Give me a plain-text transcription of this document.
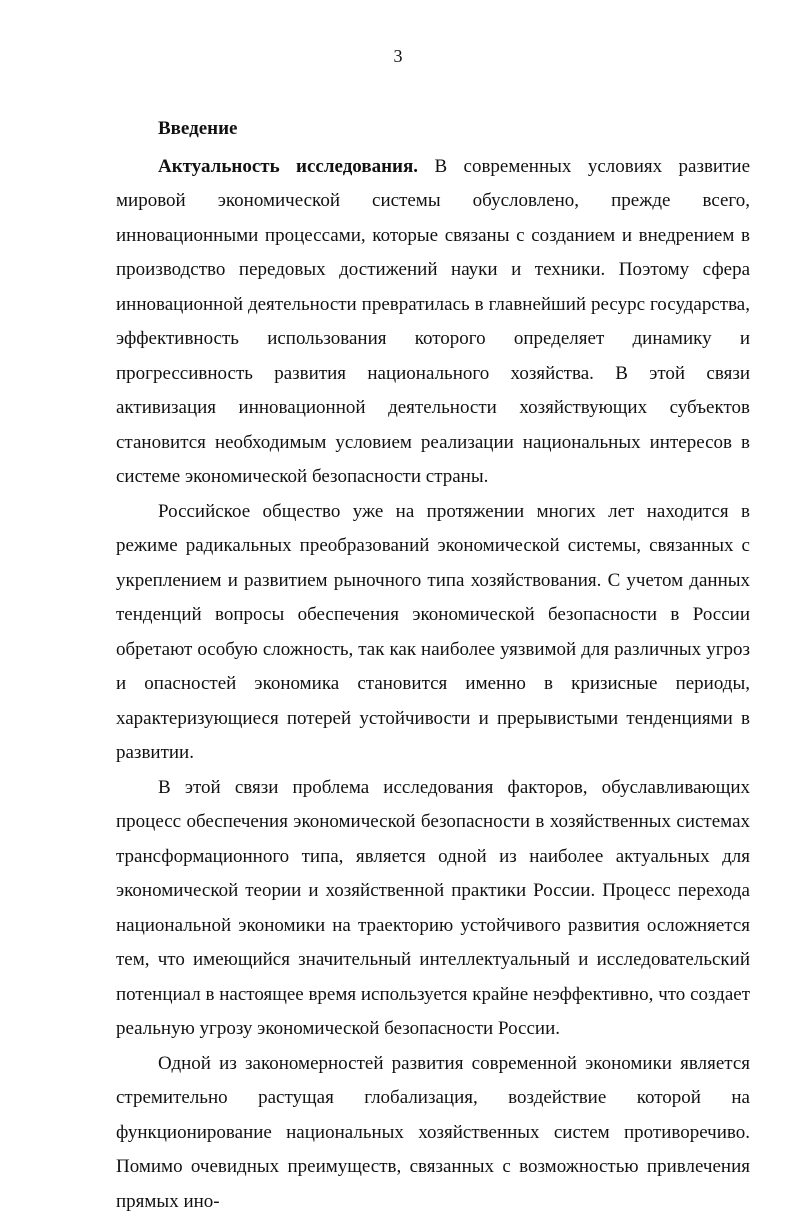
3
Введение

Актуальность исследования. В современных условиях развитие мировой экономической системы обусловлено, прежде всего, инновационными процессами, которые связаны с созданием и внедрением в производство передовых достижений науки и техники. Поэтому сфера инновационной деятельности превратилась в главнейший ресурс государства, эффективность использования которого определяет динамику и прогрессивность развития национального хозяйства. В этой связи активизация инновационной деятельности хозяйствующих субъектов становится необходимым условием реализации национальных интересов в системе экономической безопасности страны.

Российское общество уже на протяжении многих лет находится в режиме радикальных преобразований экономической системы, связанных с укреплением и развитием рыночного типа хозяйствования. С учетом данных тенденций вопросы обеспечения экономической безопасности в России обретают особую сложность, так как наиболее уязвимой для различных угроз и опасностей экономика становится именно в кризисные периоды, характеризующиеся потерей устойчивости и прерывистыми тенденциями в развитии.

В этой связи проблема исследования факторов, обуславливающих процесс обеспечения экономической безопасности в хозяйственных системах трансформационного типа, является одной из наиболее актуальных для экономической теории и хозяйственной практики России. Процесс перехода национальной экономики на траекторию устойчивого развития осложняется тем, что имеющийся значительный интеллектуальный и исследовательский потенциал в настоящее время используется крайне неэффективно, что создает реальную угрозу экономической безопасности России.

Одной из закономерностей развития современной экономики является стремительно растущая глобализация, воздействие которой на функционирование национальных хозяйственных систем противоречиво. Помимо очевидных преимуществ, связанных с возможностью привлечения прямых ино-
